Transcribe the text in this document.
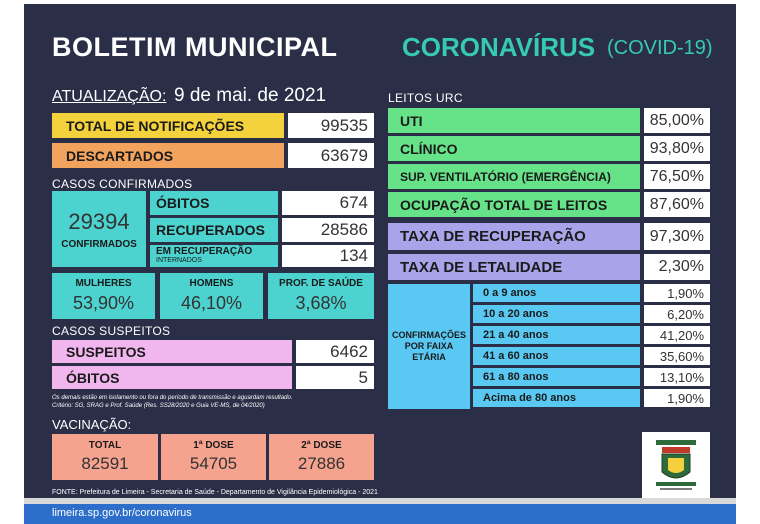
BOLETIM MUNICIPAL CORONAVÍRUS (COVID-19)
ATUALIZAÇÃO: 9 de mai. de 2021
TOTAL DE NOTIFICAÇÕES	99535
DESCARTADOS	63679
CASOS CONFIRMADOS
29394
CONFIRMADOS
ÓBITOS	674
RECUPERADOS	28586
EM RECUPERAÇÃO
INTERNADOS	134
MULHERES
53,90%
HOMENS
46,10%
PROF. DE SAÚDE
3,68%
CASOS SUSPEITOS
SUSPEITOS	6462
ÓBITOS	5
Os demais estão em isolamento ou fora do período de transmissão e aguardam resultado.
Critério: SG, SRAG e Prof. Saúde (Res. SS28/2020 e Guia VE-MS, de 04/2020)
VACINAÇÃO:
TOTAL
82591
1ª DOSE
54705
2ª DOSE
27886
LEITOS URC
UTI	85,00%
CLÍNICO	93,80%
SUP. VENTILATÓRIO (EMERGÊNCIA)	76,50%
OCUPAÇÃO TOTAL DE LEITOS	87,60%
TAXA DE RECUPERAÇÃO	97,30%
TAXA DE LETALIDADE	2,30%
CONFIRMAÇÕES
POR FAIXA
ETÁRIA
0 a 9 anos	1,90%
10 a 20 anos	6,20%
21 a 40 anos	41,20%
41 a 60 anos	35,60%
61 a 80 anos	13,10%
Acima de 80 anos	1,90%
FONTE: Prefeitura de Limeira - Secretaria de Saúde - Departamento de Vigilância Epidemiológica - 2021
limeira.sp.gov.br/coronavirus
